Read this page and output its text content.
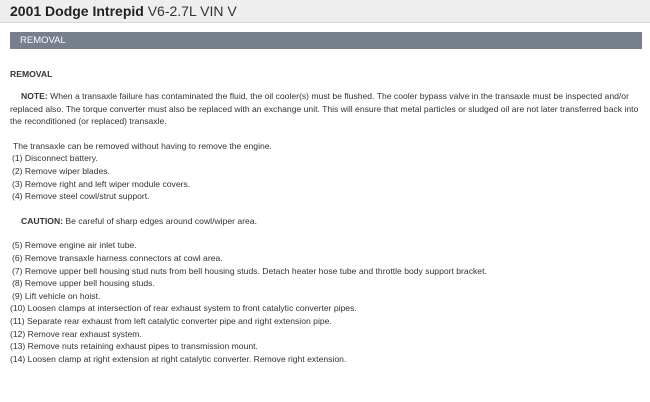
2001 Dodge Intrepid V6-2.7L VIN V
REMOVAL
REMOVAL

NOTE: When a transaxle failure has contaminated the fluid, the oil cooler(s) must be flushed. The cooler bypass valve in the transaxle must be inspected and/or replaced also. The torque converter must also be replaced with an exchange unit. This will ensure that metal particles or sludged oil are not later transferred back into the reconditioned (or replaced) transaxle.

The transaxle can be removed without having to remove the engine.
(1) Disconnect battery.
(2) Remove wiper blades.
(3) Remove right and left wiper module covers.
(4) Remove steel cowl/strut support.
CAUTION: Be careful of sharp edges around cowl/wiper area.
(5) Remove engine air inlet tube.
(6) Remove transaxle harness connectors at cowl area.
(7) Remove upper bell housing stud nuts from bell housing studs. Detach heater hose tube and throttle body support bracket.
(8) Remove upper bell housing studs.
(9) Lift vehicle on hoist.
(10) Loosen clamps at intersection of rear exhaust system to front catalytic converter pipes.
(11) Separate rear exhaust from left catalytic converter pipe and right extension pipe.
(12) Remove rear exhaust system.
(13) Remove nuts retaining exhaust pipes to transmission mount.
(14) Loosen clamp at right extension at right catalytic converter. Remove right extension.
